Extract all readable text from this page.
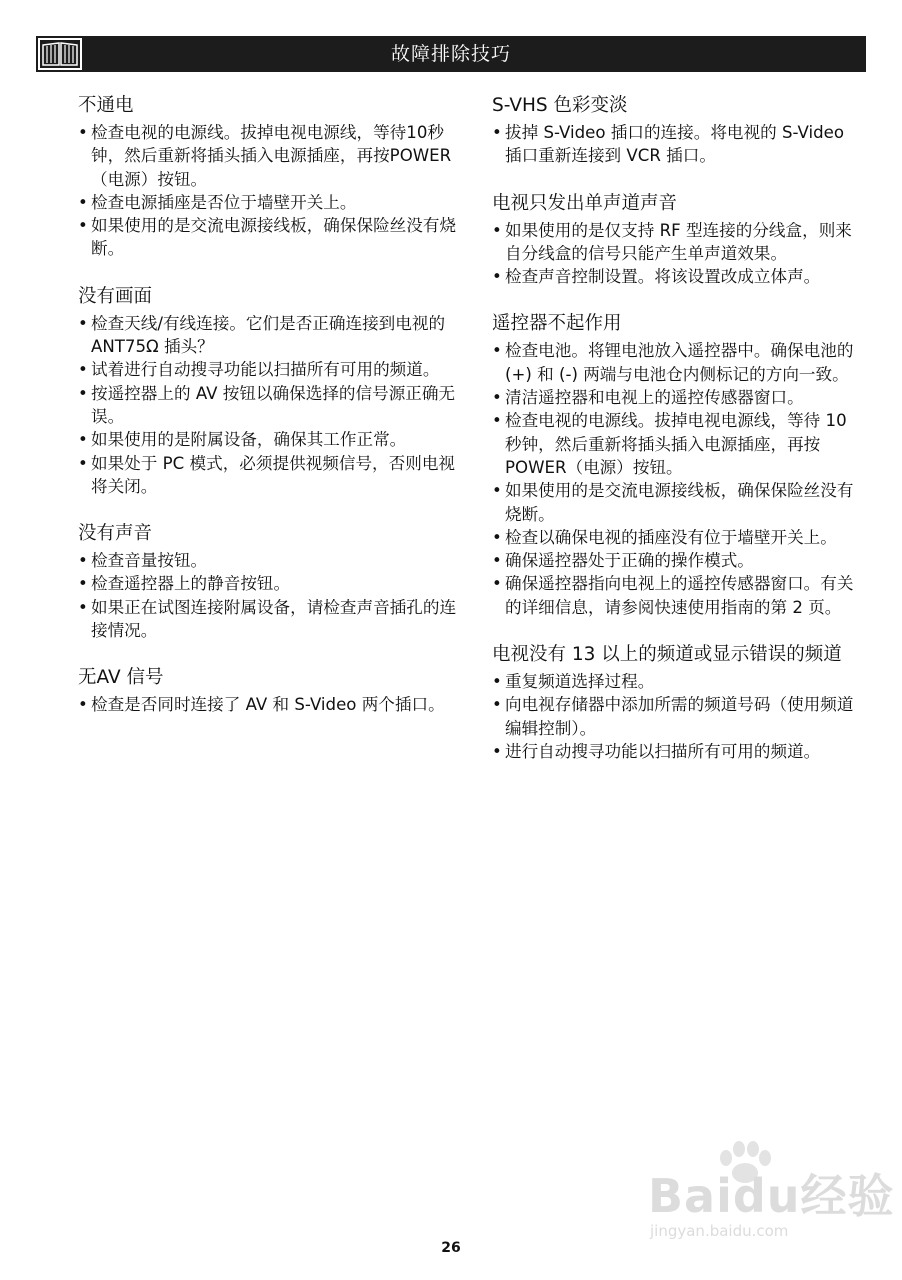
故障排除技巧
不通电
• 检查电视的电源线。拔掉电视电源线，等待10秒钟，然后重新将插头插入电源插座，再按POWER（电源）按钮。
• 检查电源插座是否位于墙壁开关上。
• 如果使用的是交流电源接线板，确保保险丝没有烧断。
没有画面
• 检查天线/有线连接。它们是否正确连接到电视的 ANT75Ω 插头？
• 试着进行自动搜寻功能以扫描所有可用的频道。
• 按遥控器上的 AV 按钮以确保选择的信号源正确无误。
• 如果使用的是附属设备，确保其工作正常。
• 如果处于 PC 模式，必须提供视频信号，否则电视将关闭。
没有声音
• 检查音量按钮。
• 检查遥控器上的静音按钮。
• 如果正在试图连接附属设备，请检查声音插孔的连接情况。
无AV 信号
• 检查是否同时连接了 AV 和 S-Video 两个插口。
S-VHS 色彩变淡
• 拔掉 S-Video 插口的连接。将电视的 S-Video 插口重新连接到 VCR 插口。
电视只发出单声道声音
• 如果使用的是仅支持 RF 型连接的分线盒，则来自分线盒的信号只能产生单声道效果。
• 检查声音控制设置。将该设置改成立体声。
遥控器不起作用
• 检查电池。将锂电池放入遥控器中。确保电池的 (+) 和 (-) 两端与电池仓内侧标记的方向一致。
• 清洁遥控器和电视上的遥控传感器窗口。
• 检查电视的电源线。拔掉电视电源线，等待 10 秒钟，然后重新将插头插入电源插座，再按 POWER（电源）按钮。
• 如果使用的是交流电源接线板，确保保险丝没有烧断。
• 检查以确保电视的插座没有位于墙壁开关上。
• 确保遥控器处于正确的操作模式。
• 确保遥控器指向电视上的遥控传感器窗口。有关的详细信息，请参阅快速使用指南的第 2 页。
电视没有 13 以上的频道或显示错误的频道
• 重复频道选择过程。
• 向电视存储器中添加所需的频道号码（使用频道编辑控制）。
• 进行自动搜寻功能以扫描所有可用的频道。
26
Baidu经验
jingyan.baidu.com
